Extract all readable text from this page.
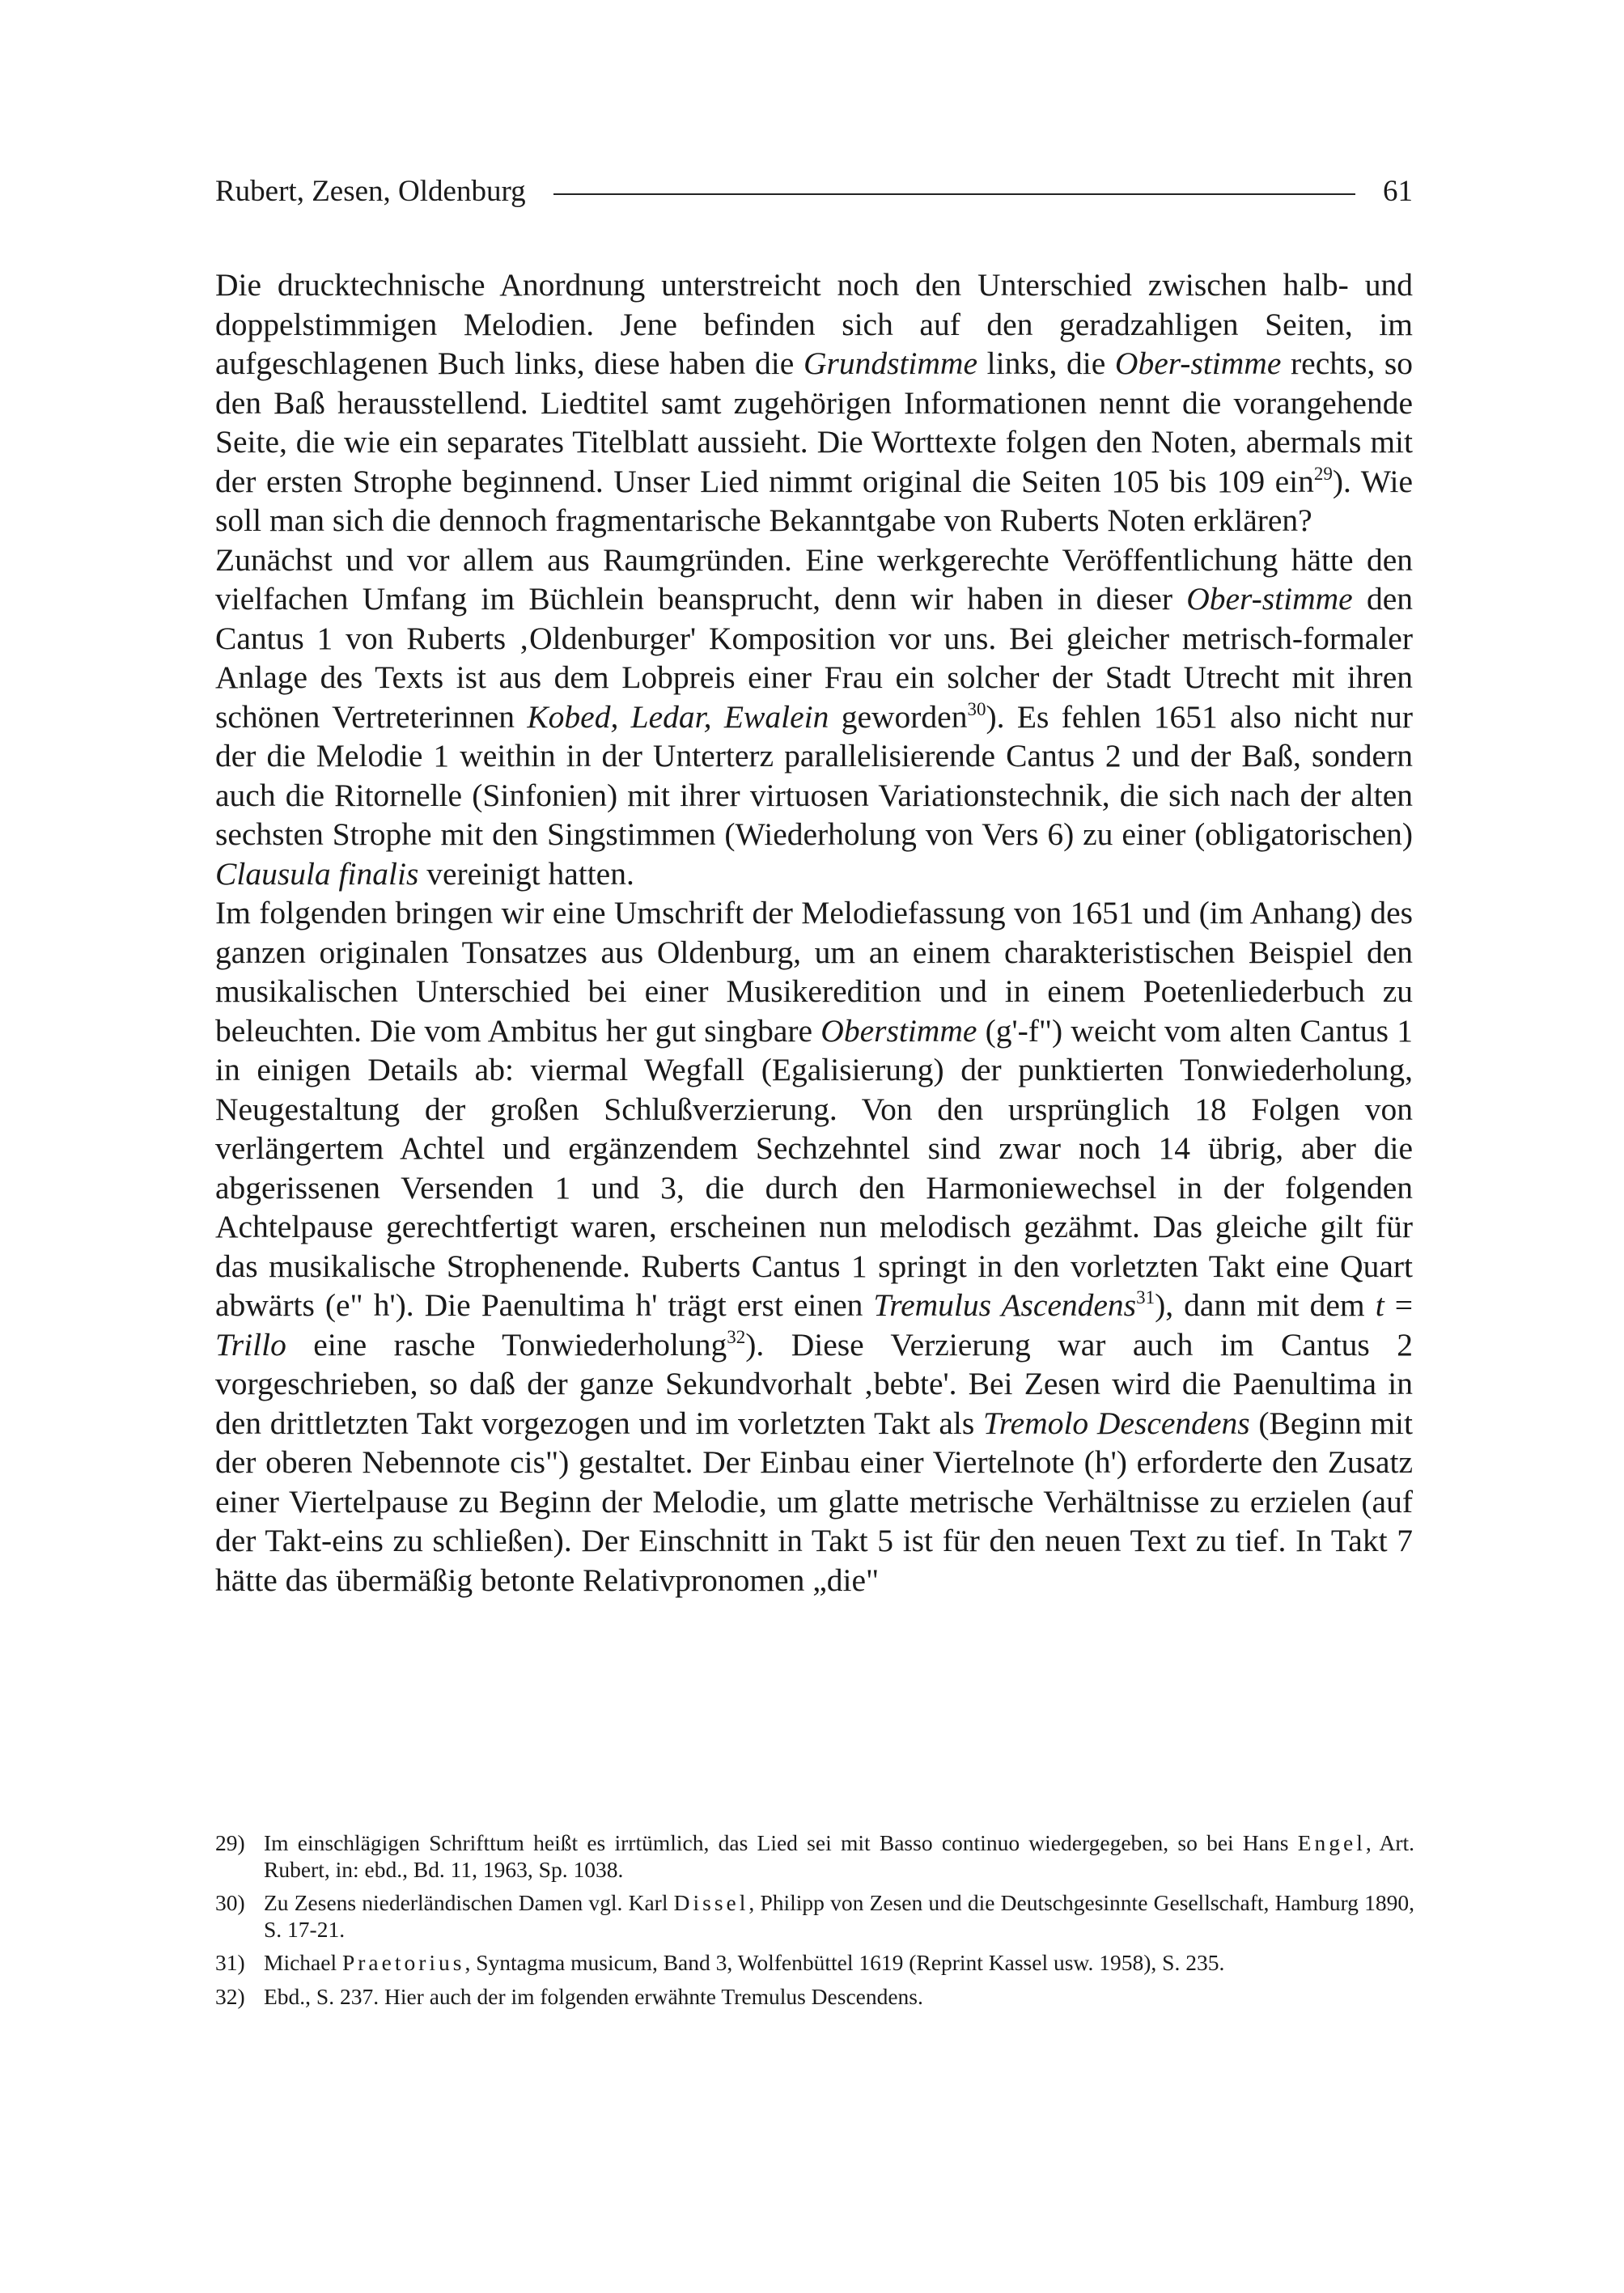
Rubert, Zesen, Oldenburg	61

Die drucktechnische Anordnung unterstreicht noch den Unterschied zwischen halb- und doppelstimmigen Melodien. Jene befinden sich auf den geradzahligen Seiten, im aufgeschlagenen Buch links, diese haben die Grundstimme links, die Ober-stimme rechts, so den Baß herausstellend. Liedtitel samt zugehörigen Informationen nennt die vorangehende Seite, die wie ein separates Titelblatt aussieht. Die Worttexte folgen den Noten, abermals mit der ersten Strophe beginnend. Unser Lied nimmt original die Seiten 105 bis 109 ein$^{29}$). Wie soll man sich die dennoch fragmentarische Bekanntgabe von Ruberts Noten erklären?

Zunächst und vor allem aus Raumgründen. Eine werkgerechte Veröffentlichung hätte den vielfachen Umfang im Büchlein beansprucht, denn wir haben in dieser Ober-stimme den Cantus 1 von Ruberts ‚Oldenburger' Komposition vor uns. Bei gleicher metrisch-formaler Anlage des Texts ist aus dem Lobpreis einer Frau ein solcher der Stadt Utrecht mit ihren schönen Vertreterinnen Kobed, Ledar, Ewalein geworden$^{30}$). Es fehlen 1651 also nicht nur der die Melodie 1 weithin in der Unterterz parallelisierende Cantus 2 und der Baß, sondern auch die Ritornelle (Sinfonien) mit ihrer virtuosen Variationstechnik, die sich nach der alten sechsten Strophe mit den Singstimmen (Wiederholung von Vers 6) zu einer (obligatorischen) Clausula finalis vereinigt hatten.

Im folgenden bringen wir eine Umschrift der Melodiefassung von 1651 und (im Anhang) des ganzen originalen Tonsatzes aus Oldenburg, um an einem charakteristischen Beispiel den musikalischen Unterschied bei einer Musikeredition und in einem Poetenliederbuch zu beleuchten. Die vom Ambitus her gut singbare Oberstimme (g'-f") weicht vom alten Cantus 1 in einigen Details ab: viermal Wegfall (Egalisierung) der punktierten Tonwiederholung, Neugestaltung der großen Schlußverzierung. Von den ursprünglich 18 Folgen von verlängertem Achtel und ergänzendem Sechzehntel sind zwar noch 14 übrig, aber die abgerissenen Versenden 1 und 3, die durch den Harmoniewechsel in der folgenden Achtelpause gerechtfertigt waren, erscheinen nun melodisch gezähmt. Das gleiche gilt für das musikalische Strophenende. Ruberts Cantus 1 springt in den vorletzten Takt eine Quart abwärts (e" h'). Die Paenultima h' trägt erst einen Tremulus Ascendens$^{31}$), dann mit dem t = Trillo eine rasche Tonwiederholung$^{32}$). Diese Verzierung war auch im Cantus 2 vorgeschrieben, so daß der ganze Sekundvorhalt ‚bebte'. Bei Zesen wird die Paenultima in den drittletzten Takt vorgezogen und im vorletzten Takt als Tremolo Descendens (Beginn mit der oberen Nebennote cis") gestaltet. Der Einbau einer Viertelnote (h') erforderte den Zusatz einer Viertelpause zu Beginn der Melodie, um glatte metrische Verhältnisse zu erzielen (auf der Takt-eins zu schließen). Der Einschnitt in Takt 5 ist für den neuen Text zu tief. In Takt 7 hätte das übermäßig betonte Relativpronomen „die"

29) Im einschlägigen Schrifttum heißt es irrtümlich, das Lied sei mit Basso continuo wiedergegeben, so bei Hans Engel, Art. Rubert, in: ebd., Bd. 11, 1963, Sp. 1038.
30) Zu Zesens niederländischen Damen vgl. Karl Dissel, Philipp von Zesen und die Deutschgesinnte Gesellschaft, Hamburg 1890, S. 17-21.
31) Michael Praetorius, Syntagma musicum, Band 3, Wolfenbüttel 1619 (Reprint Kassel usw. 1958), S. 235.
32) Ebd., S. 237. Hier auch der im folgenden erwähnte Tremulus Descendens.
